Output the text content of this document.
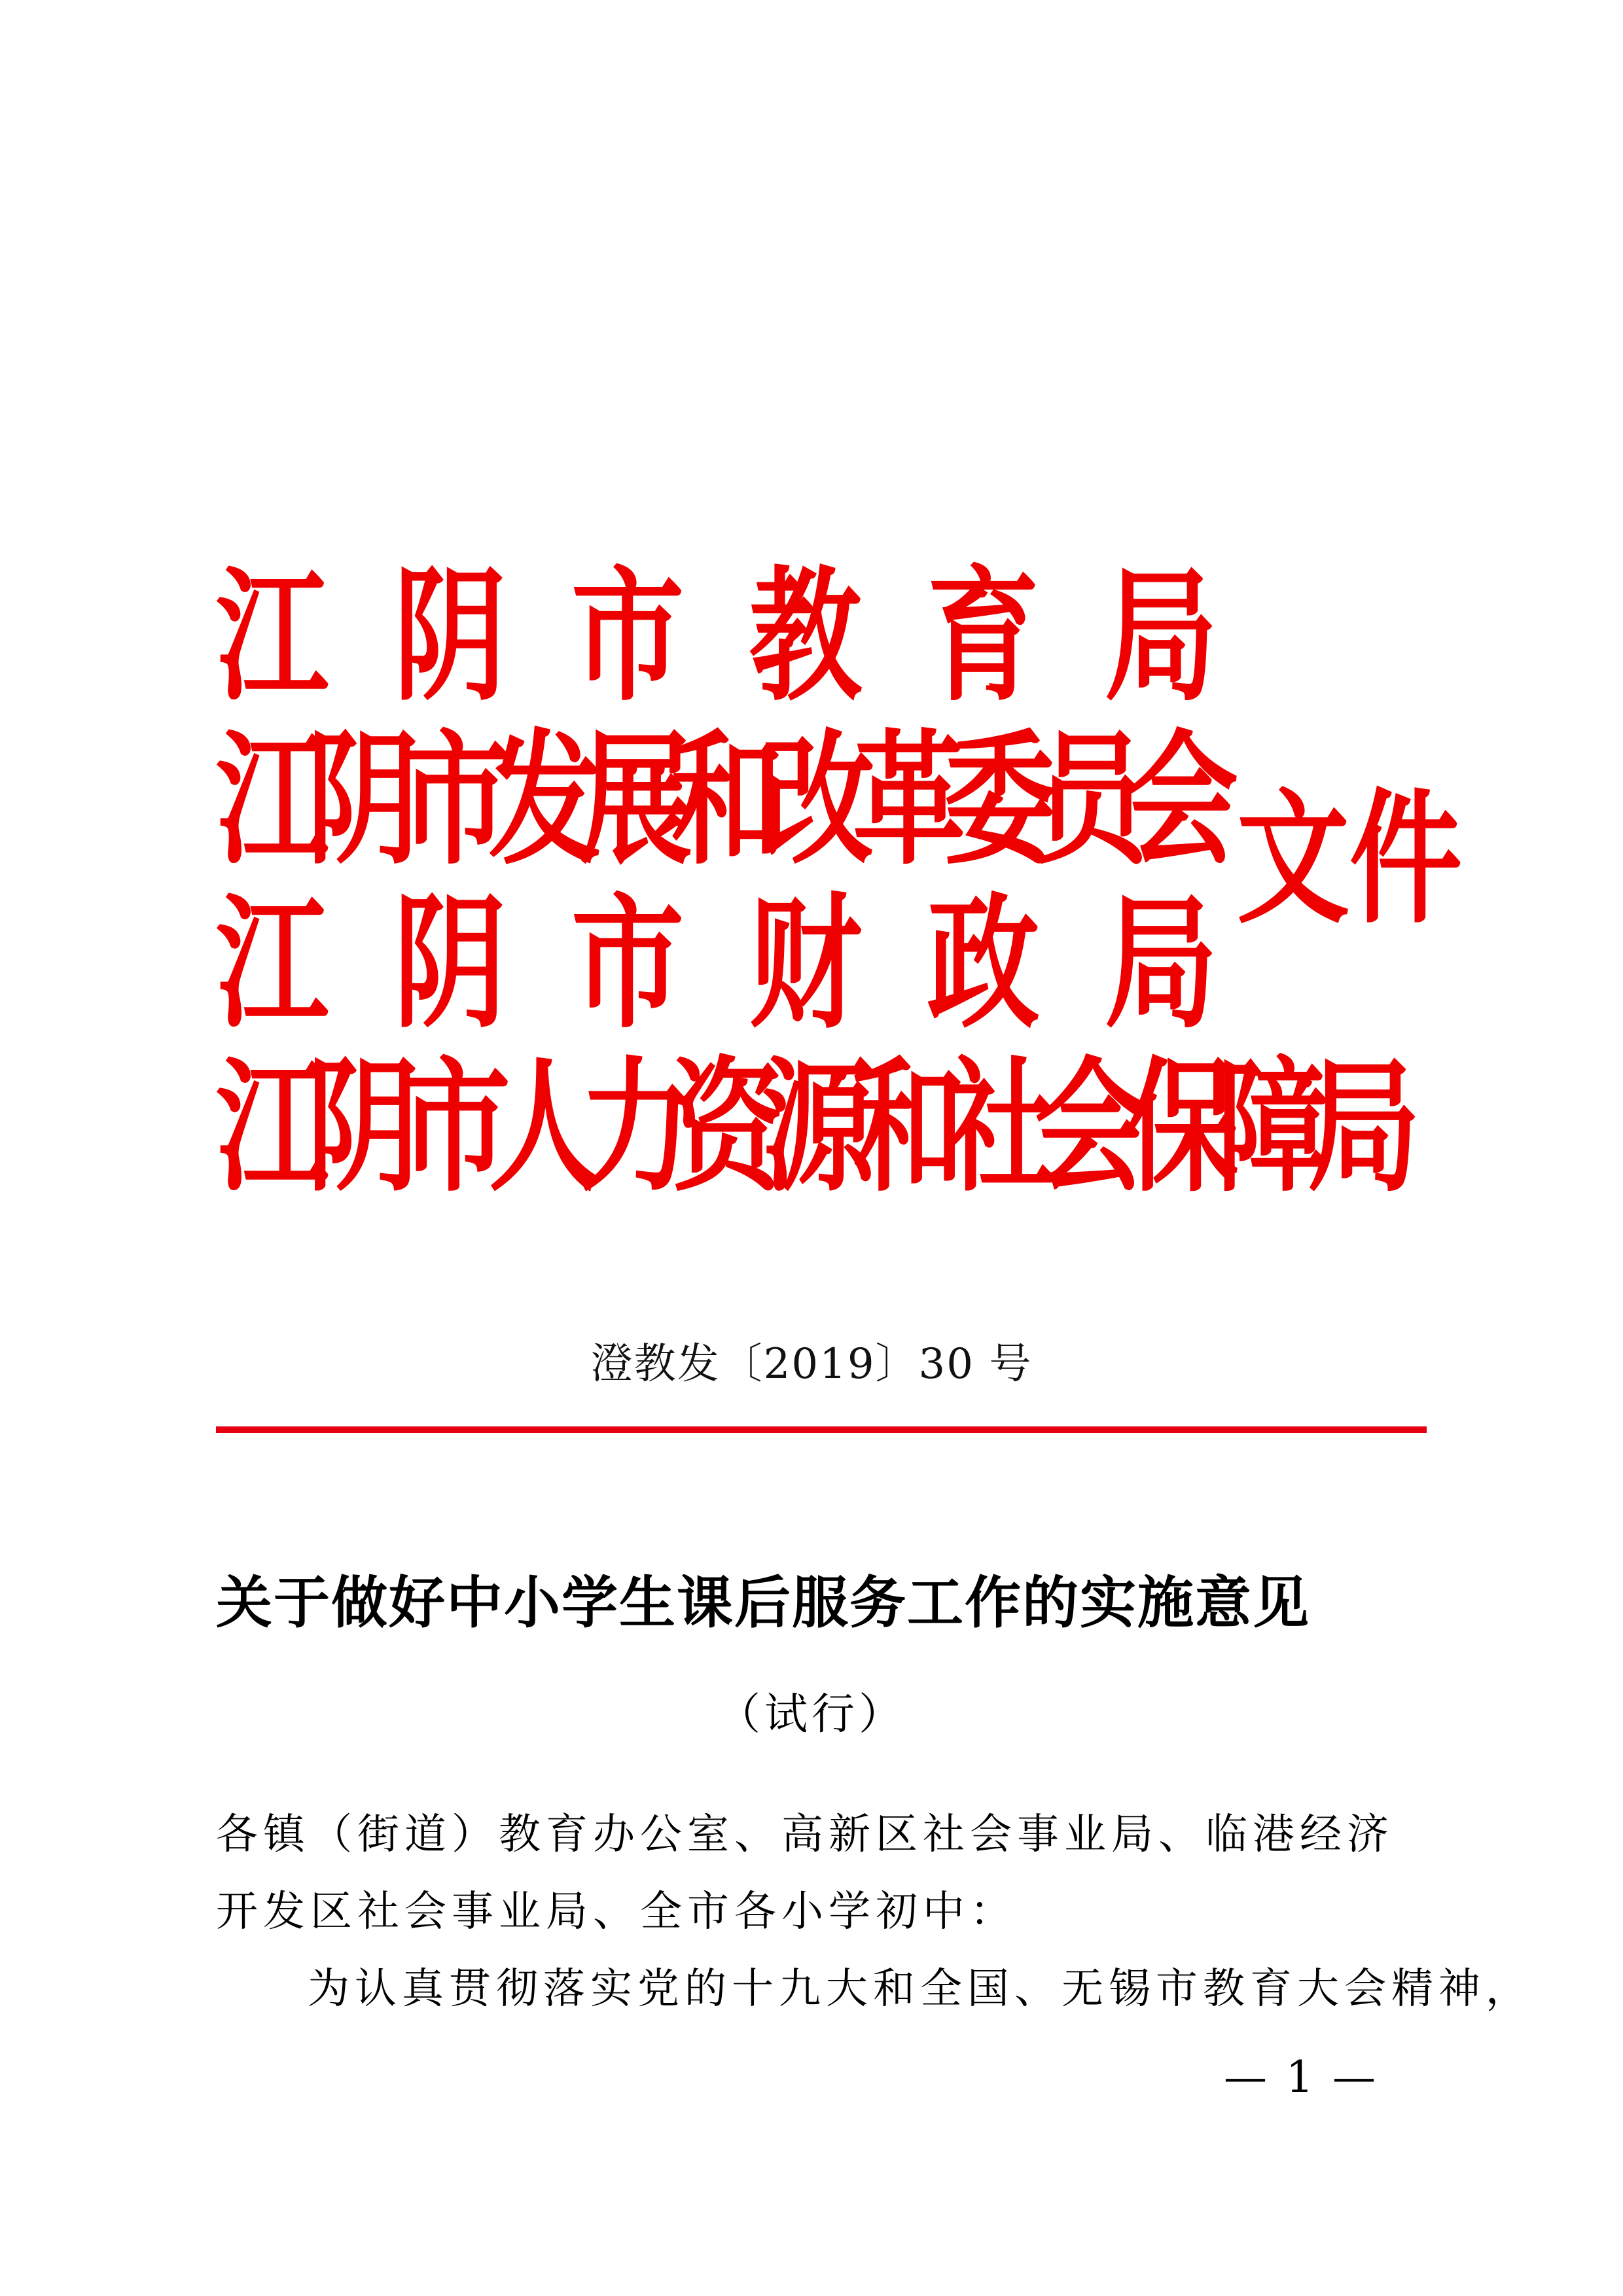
江 阴 市 教 育 局
江
阴
市
发
展
和
改
革
委
员
会
江 阴 市 财 政 局
江
阴
市
人
力
资
源
和
社
会
保
障
局
文件
澄教发〔2019〕30 号
关于做好中小学生课后服务工作的实施意见
（试行）
各镇（街道）教育办公室、高新区社会事业局、临港经济开发区社会事业局、全市各小学初中：
为认真贯彻落实党的十九大和全国、无锡市教育大会精神，
— 1 —
